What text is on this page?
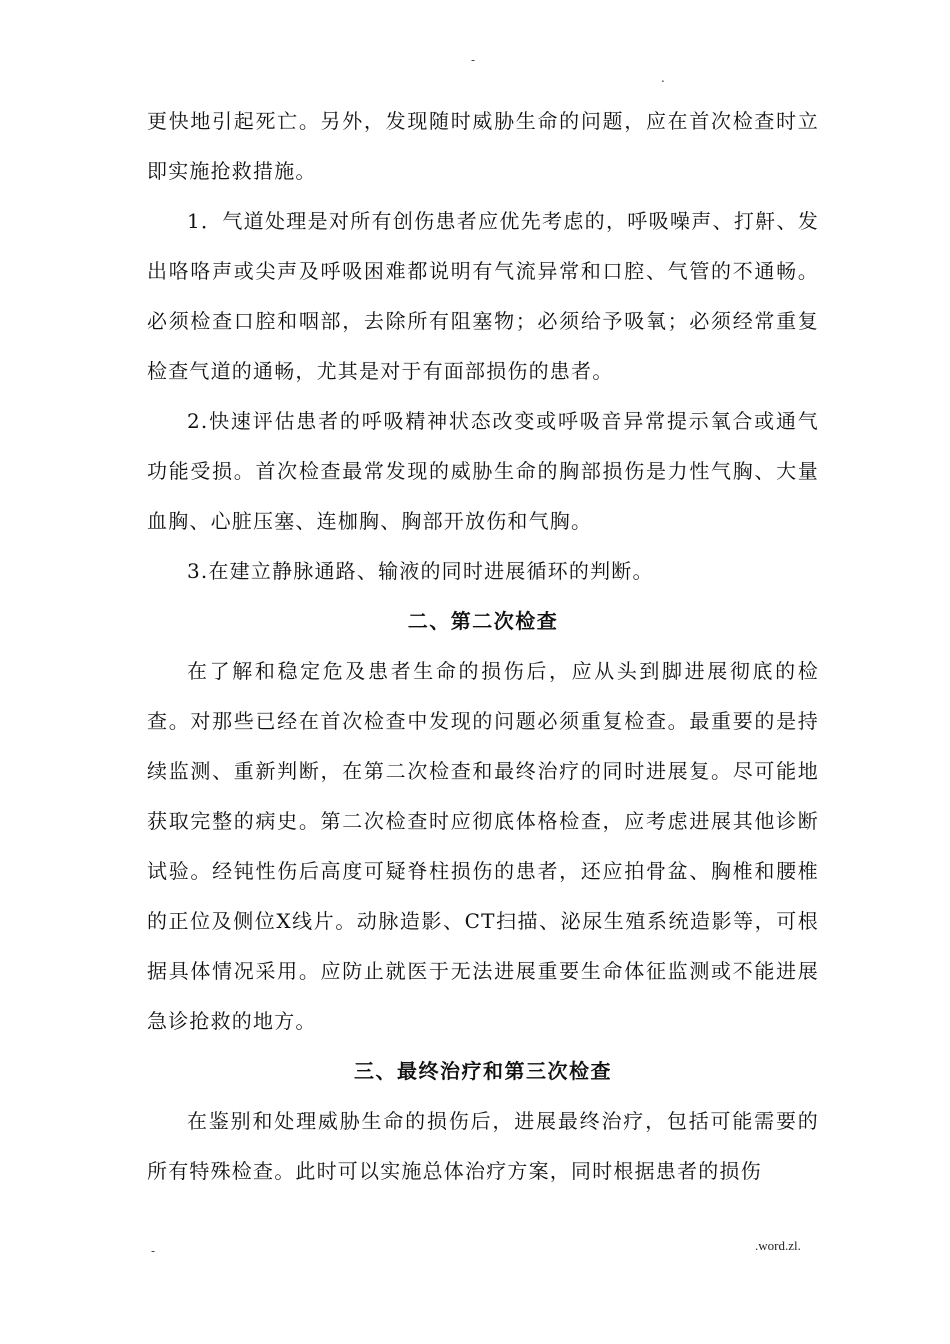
-
.

更快地引起死亡。另外，发现随时威胁生命的问题，应在首次检查时立即实施抢救措施。

1．气道处理是对所有创伤患者应优先考虑的，呼吸噪声、打鼾、发出咯咯声或尖声及呼吸困难都说明有气流异常和口腔、气管的不通畅。必须检查口腔和咽部，去除所有阻塞物；必须给予吸氧；必须经常重复检查气道的通畅，尤其是对于有面部损伤的患者。

2.快速评估患者的呼吸精神状态改变或呼吸音异常提示氧合或通气功能受损。首次检查最常发现的威胁生命的胸部损伤是力性气胸、大量血胸、心脏压塞、连枷胸、胸部开放伤和气胸。

3.在建立静脉通路、输液的同时进展循环的判断。

二、第二次检查

在了解和稳定危及患者生命的损伤后，应从头到脚进展彻底的检查。对那些已经在首次检查中发现的问题必须重复检查。最重要的是持续监测、重新判断，在第二次检查和最终治疗的同时进展复。尽可能地获取完整的病史。第二次检查时应彻底体格检查，应考虑进展其他诊断试验。经钝性伤后高度可疑脊柱损伤的患者，还应拍骨盆、胸椎和腰椎的正位及侧位X线片。动脉造影、CT扫描、泌尿生殖系统造影等，可根据具体情况采用。应防止就医于无法进展重要生命体征监测或不能进展急诊抢救的地方。

三、最终治疗和第三次检查

在鉴别和处理威胁生命的损伤后，进展最终治疗，包括可能需要的所有特殊检查。此时可以实施总体治疗方案，同时根据患者的损伤

-	.word.zl.
